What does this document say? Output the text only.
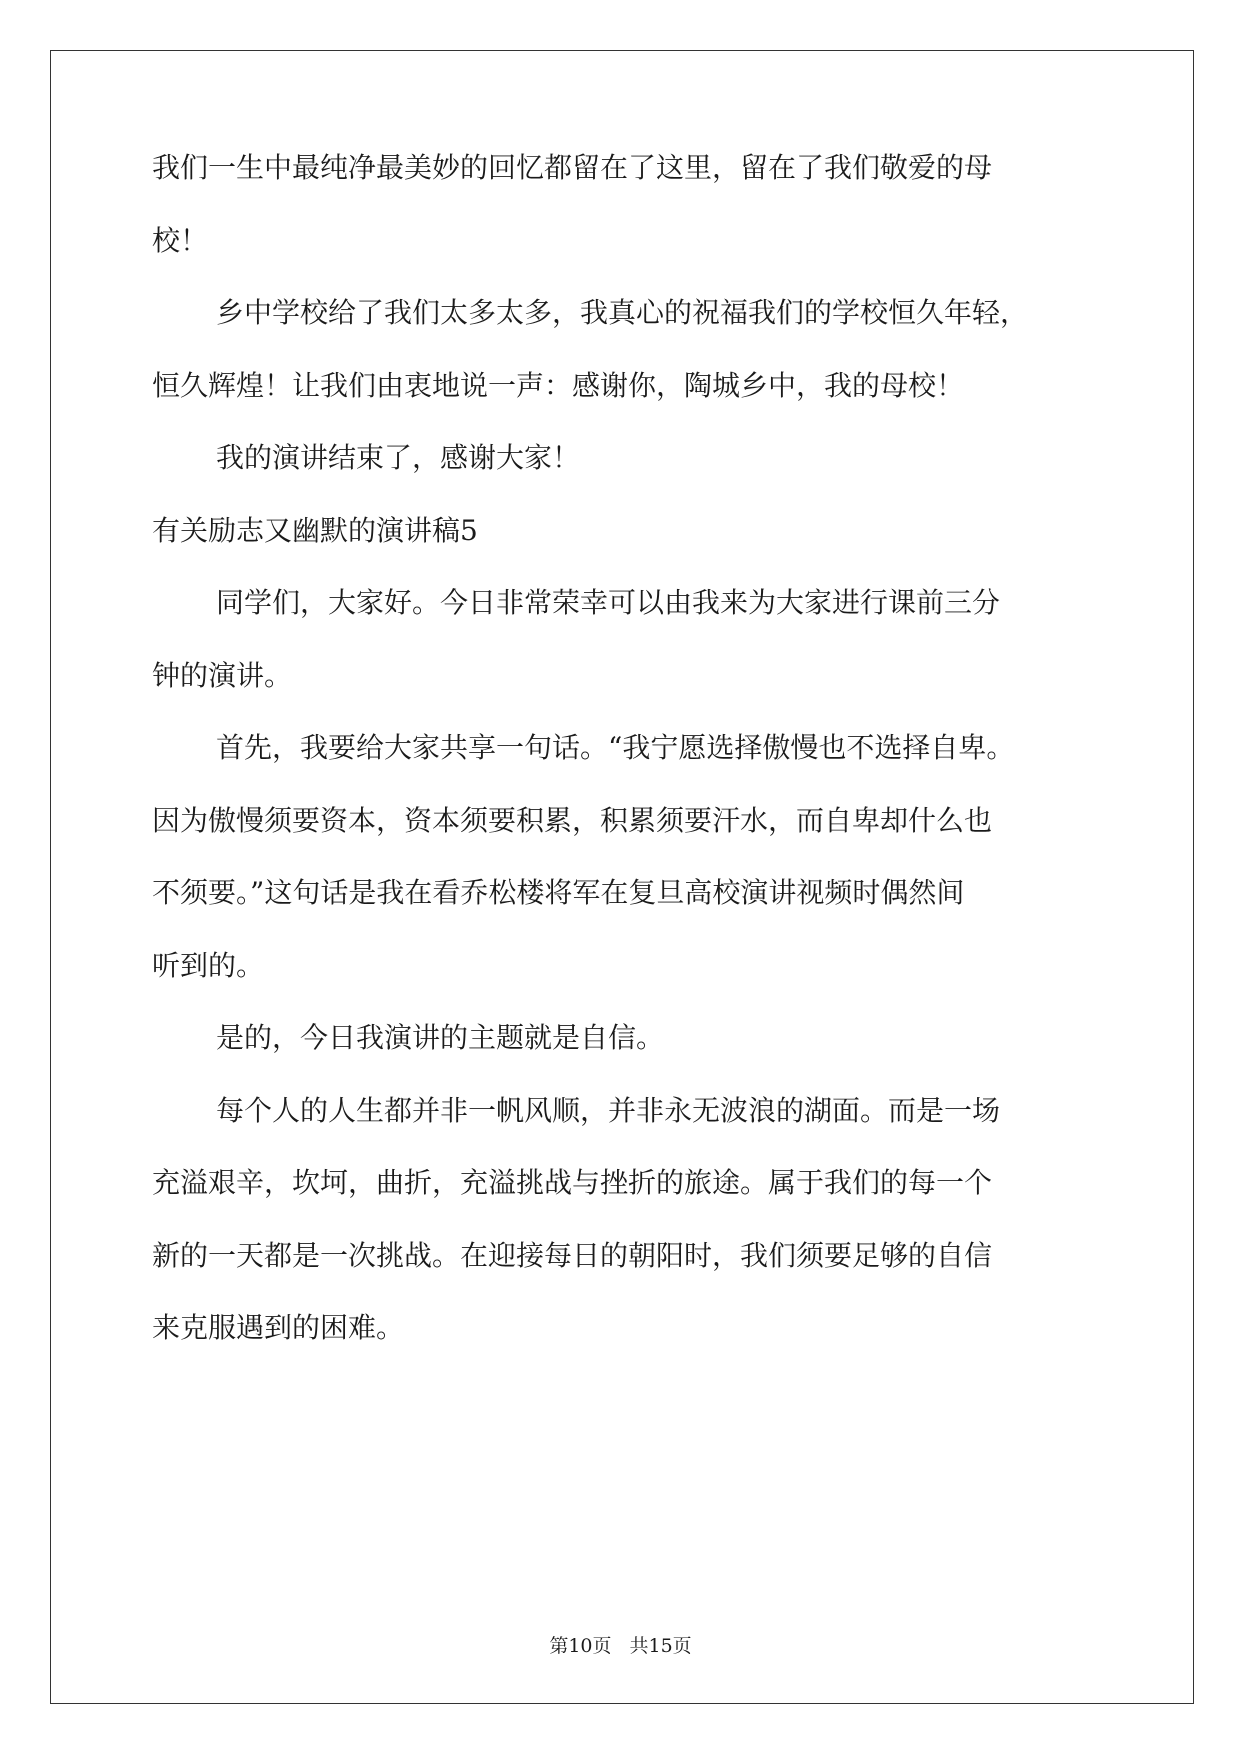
我们一生中最纯净最美妙的回忆都留在了这里，留在了我们敬爱的母
校！
乡中学校给了我们太多太多，我真心的祝福我们的学校恒久年轻，
恒久辉煌！让我们由衷地说一声：感谢你，陶城乡中，我的母校！
我的演讲结束了，感谢大家！
有关励志又幽默的演讲稿5
同学们，大家好。今日非常荣幸可以由我来为大家进行课前三分
钟的演讲。
首先，我要给大家共享一句话。“我宁愿选择傲慢也不选择自卑。
因为傲慢须要资本，资本须要积累，积累须要汗水，而自卑却什么也
不须要。”这句话是我在看乔松楼将军在复旦高校演讲视频时偶然间
听到的。
是的，今日我演讲的主题就是自信。
每个人的人生都并非一帆风顺，并非永无波浪的湖面。而是一场
充溢艰辛，坎坷，曲折，充溢挑战与挫折的旅途。属于我们的每一个
新的一天都是一次挑战。在迎接每日的朝阳时，我们须要足够的自信
来克服遇到的困难。
第10页 共15页
